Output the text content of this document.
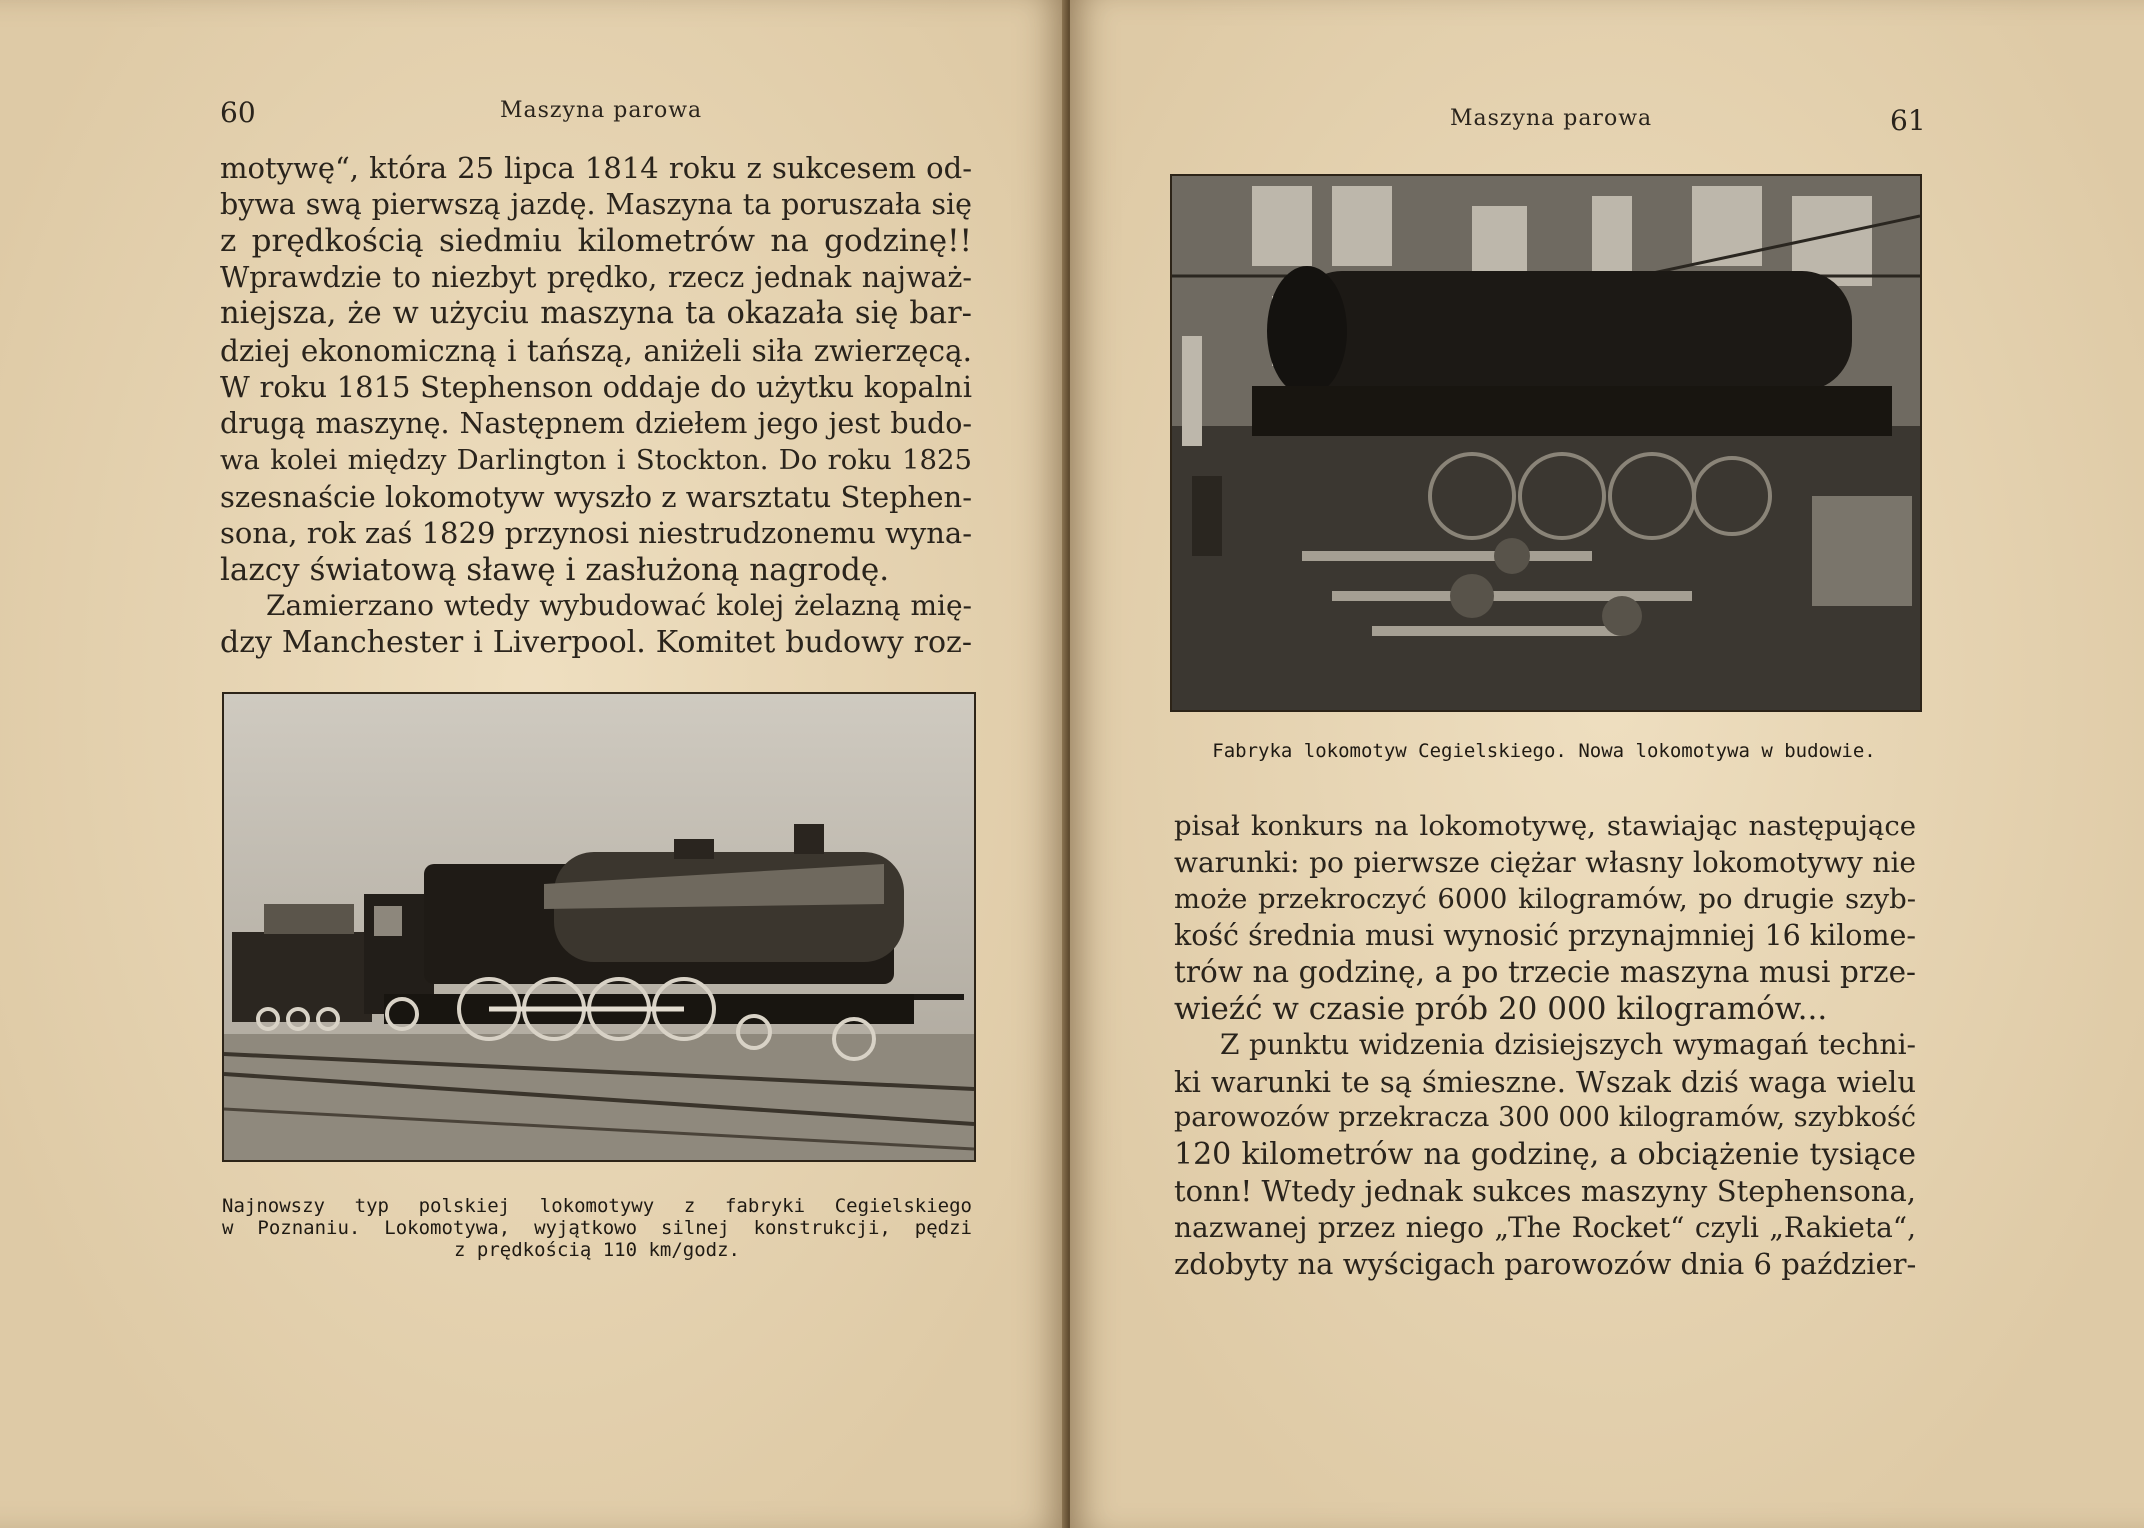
60	Maszyna parowa
motywę“, która 25 lipca 1814 roku z sukcesem od-
bywa swą pierwszą jazdę. Maszyna ta poruszała się
z prędkością siedmiu kilometrów na godzinę!!
Wprawdzie to niezbyt prędko, rzecz jednak najważ-
niejsza, że w użyciu maszyna ta okazała się bar-
dziej ekonomiczną i tańszą, aniżeli siła zwierzęcą.
W roku 1815 Stephenson oddaje do użytku kopalni
drugą maszynę. Następnem dziełem jego jest budo-
wa kolei między Darlington i Stockton. Do roku 1825
szesnaście lokomotyw wyszło z warsztatu Stephen-
sona, rok zaś 1829 przynosi niestrudzonemu wyna-
lazcy światową sławę i zasłużoną nagrodę.
Zamierzano wtedy wybudować kolej żelazną mię-
dzy Manchester i Liverpool. Komitet budowy roz-
Najnowszy typ polskiej lokomotywy z fabryki Cegielskiego
w Poznaniu. Lokomotywa, wyjątkowo silnej konstrukcji, pędzi
z prędkością 110 km/godz.
Maszyna parowa	61
Fabryka lokomotyw Cegielskiego. Nowa lokomotywa w budowie.
pisał konkurs na lokomotywę, stawiając następujące
warunki: po pierwsze ciężar własny lokomotywy nie
może przekroczyć 6000 kilogramów, po drugie szyb-
kość średnia musi wynosić przynajmniej 16 kilome-
trów na godzinę, a po trzecie maszyna musi prze-
wieźć w czasie prób 20 000 kilogramów...
Z punktu widzenia dzisiejszych wymagań techni-
ki warunki te są śmieszne. Wszak dziś waga wielu
parowozów przekracza 300 000 kilogramów, szybkość
120 kilometrów na godzinę, a obciążenie tysiące
tonn! Wtedy jednak sukces maszyny Stephensona,
nazwanej przez niego „The Rocket“ czyli „Rakieta“,
zdobyty na wyścigach parowozów dnia 6 paździer-
